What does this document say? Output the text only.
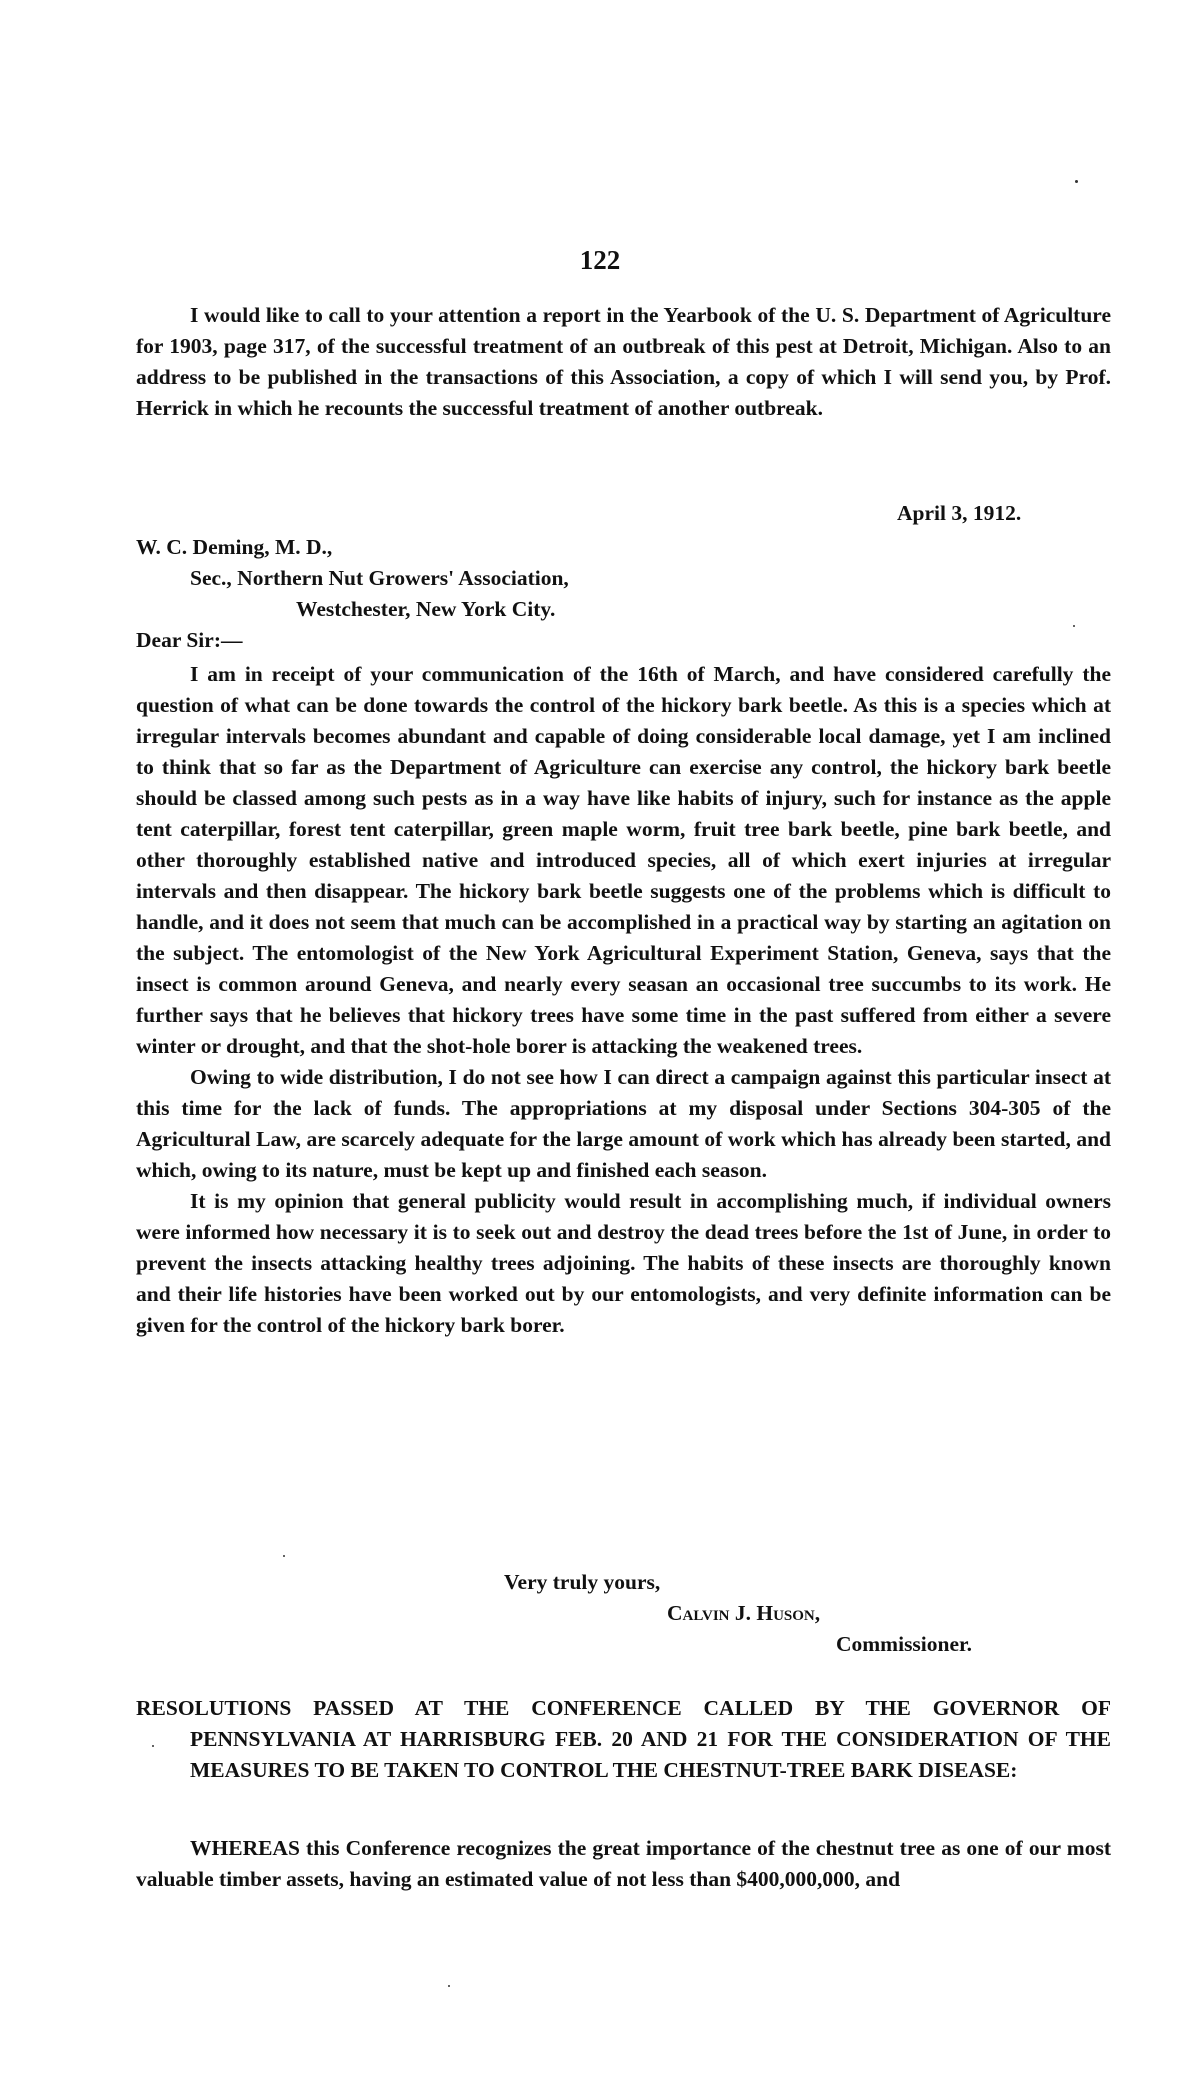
122

I would like to call to your attention a report in the Yearbook of the U. S. Department of Agriculture for 1903, page 317, of the successful treatment of an outbreak of this pest at Detroit, Michigan. Also to an address to be published in the transactions of this Association, a copy of which I will send you, by Prof. Herrick in which he recounts the successful treatment of another outbreak.

April 3, 1912.
W. C. Deming, M. D.,
Sec., Northern Nut Growers' Association,
Westchester, New York City.
Dear Sir:—

I am in receipt of your communication of the 16th of March, and have considered carefully the question of what can be done towards the control of the hickory bark beetle. As this is a species which at irregular intervals becomes abundant and capable of doing considerable local damage, yet I am inclined to think that so far as the Department of Agriculture can exercise any control, the hickory bark beetle should be classed among such pests as in a way have like habits of injury, such for instance as the apple tent caterpillar, forest tent caterpillar, green maple worm, fruit tree bark beetle, pine bark beetle, and other thoroughly established native and introduced species, all of which exert injuries at irregular intervals and then disappear. The hickory bark beetle suggests one of the problems which is difficult to handle, and it does not seem that much can be accomplished in a practical way by starting an agitation on the subject. The entomologist of the New York Agricultural Experiment Station, Geneva, says that the insect is common around Geneva, and nearly every seasan an occasional tree succumbs to its work. He further says that he believes that hickory trees have some time in the past suffered from either a severe winter or drought, and that the shot-hole borer is attacking the weakened trees.

Owing to wide distribution, I do not see how I can direct a campaign against this particular insect at this time for the lack of funds. The appropriations at my disposal under Sections 304-305 of the Agricultural Law, are scarcely adequate for the large amount of work which has already been started, and which, owing to its nature, must be kept up and finished each season.

It is my opinion that general publicity would result in accomplishing much, if individual owners were informed how necessary it is to seek out and destroy the dead trees before the 1st of June, in order to prevent the insects attacking healthy trees adjoining. The habits of these insects are thoroughly known and their life histories have been worked out by our entomologists, and very definite information can be given for the control of the hickory bark borer.

Very truly yours,
Calvin J. Huson,
Commissioner.
RESOLUTIONS PASSED AT THE CONFERENCE CALLED BY THE GOVERNOR OF PENNSYLVANIA AT HARRISBURG FEB. 20 AND 21 FOR THE CONSIDERATION OF THE MEASURES TO BE TAKEN TO CONTROL THE CHESTNUT-TREE BARK DISEASE:

WHEREAS this Conference recognizes the great importance of the chestnut tree as one of our most valuable timber assets, having an estimated value of not less than $400,000,000, and
